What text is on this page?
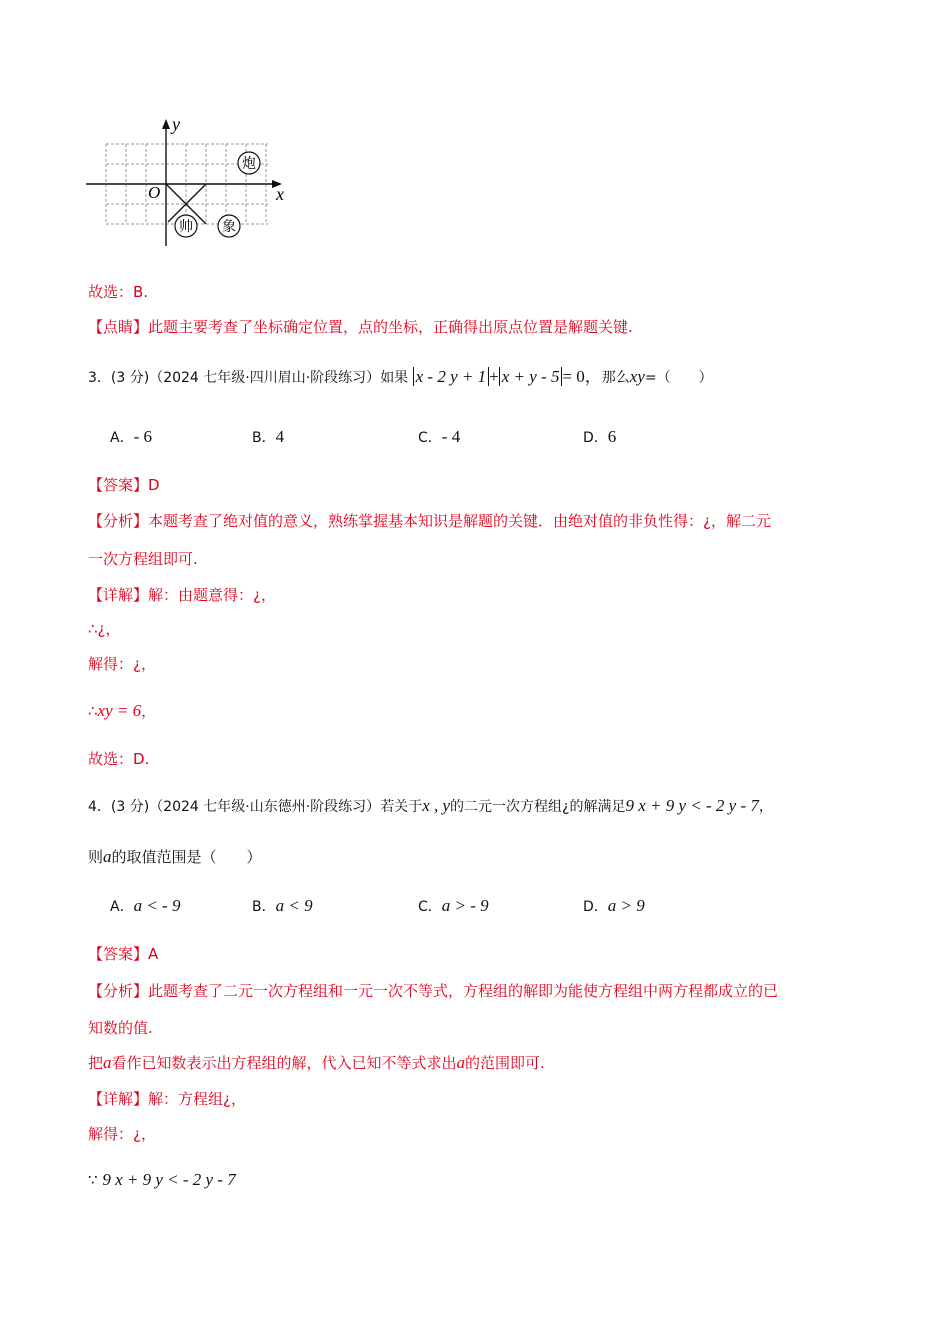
x
y
O
炮
帅 象
故选：B.
【点睛】此题主要考查了坐标确定位置，点的坐标，正确得出原点位置是解题关键.
3．(3 分)（2024 七年级·四川眉山·阶段练习）如果 x - 2 y + 1 + x + y - 5 = 0，那么xy=（　　）
A．- 6	B．4	C．- 4	D．6
【答案】D
【分析】本题考查了绝对值的意义，熟练掌握基本知识是解题的关键．由绝对值的非负性得：¿，解二元
一次方程组即可.
【详解】解：由题意得：¿，
∴¿，
解得：¿，
∴xy = 6，
故选：D.
4．(3 分)（2024 七年级·山东德州·阶段练习）若关于x , y的二元一次方程组¿的解满足9 x + 9 y < - 2 y - 7，
则a的取值范围是（　　）
A．a < - 9	B．a < 9	C．a > - 9	D．a > 9
【答案】A
【分析】此题考查了二元一次方程组和一元一次不等式，方程组的解即为能使方程组中两方程都成立的已
知数的值.
把a看作已知数表示出方程组的解，代入已知不等式求出a的范围即可.
【详解】解：方程组¿，
解得：¿，
∵ 9 x + 9 y < - 2 y - 7
